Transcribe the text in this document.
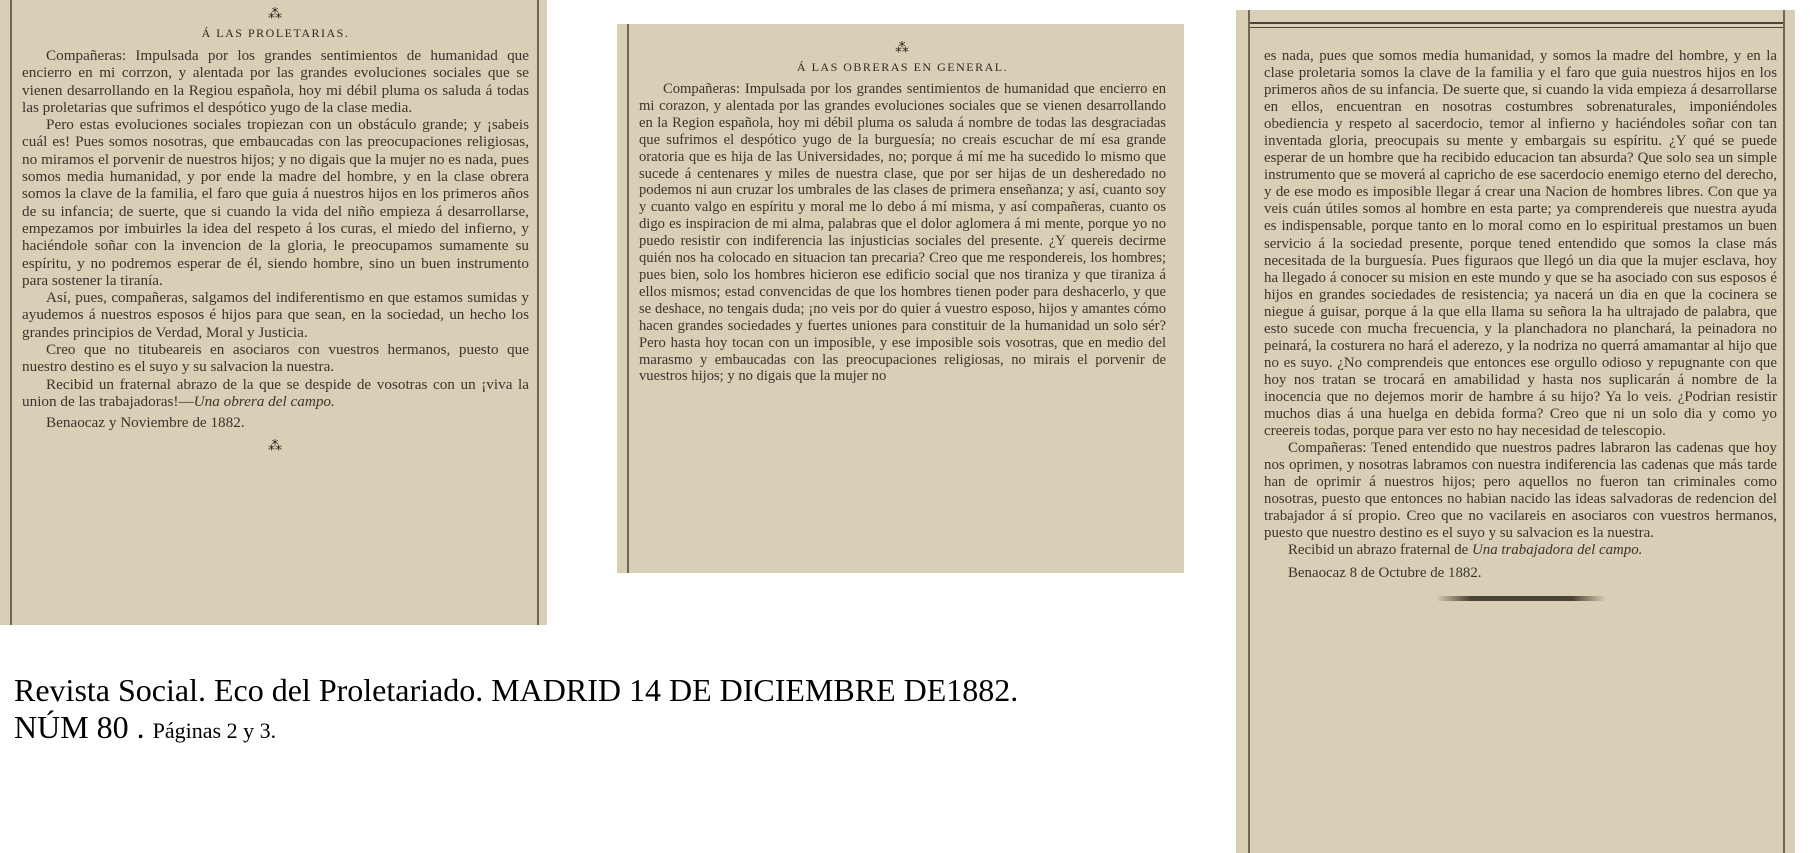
⁂
Á LAS PROLETARIAS.

Compañeras: Impulsada por los grandes sentimientos de humanidad que encierro en mi corrzon, y alentada por las grandes evoluciones sociales que se vienen desarrollando en la Regiou española, hoy mi débil pluma os saluda á todas las proletarias que sufrimos el despótico yugo de la clase media.

Pero estas evoluciones sociales tropiezan con un obstáculo grande; y ¡sabeis cuál es! Pues somos nosotras, que embaucadas con las preocupaciones religiosas, no miramos el porvenir de nuestros hijos; y no digais que la mujer no es nada, pues somos media humanidad, y por ende la madre del hombre, y en la clase obrera somos la clave de la familia, el faro que guia á nuestros hijos en los primeros años de su infancia; de suerte, que si cuando la vida del niño empieza á desarrollarse, empezamos por imbuirles la idea del respeto á los curas, el miedo del infierno, y haciéndole soñar con la invencion de la gloria, le preocupamos sumamente su espíritu, y no podremos esperar de él, siendo hombre, sino un buen instrumento para sostener la tiranía.

Así, pues, compañeras, salgamos del indiferentismo en que estamos sumidas y ayudemos á nuestros esposos é hijos para que sean, en la sociedad, un hecho los grandes principios de Verdad, Moral y Justicia.

Creo que no titubeareis en asociaros con vuestros hermanos, puesto que nuestro destino es el suyo y su salvacion la nuestra.

Recibid un fraternal abrazo de la que se despide de vosotras con un ¡viva la union de las trabajadoras!—Una obrera del campo.

Benaocaz y Noviembre de 1882.

⁂
⁂
Á LAS OBRERAS EN GENERAL.

Compañeras: Impulsada por los grandes sentimientos de humanidad que encierro en mi corazon, y alentada por las grandes evoluciones sociales que se vienen desarrollando en la Region española, hoy mi débil pluma os saluda á nombre de todas las desgraciadas que sufrimos el despótico yugo de la burguesía; no creais escuchar de mí esa grande oratoria que es hija de las Universidades, no; porque á mí me ha sucedido lo mismo que sucede á centenares y miles de nuestra clase, que por ser hijas de un desheredado no podemos ni aun cruzar los umbrales de las clases de primera enseñanza; y así, cuanto soy y cuanto valgo en espíritu y moral me lo debo á mí misma, y así compañeras, cuanto os digo es inspiracion de mi alma, palabras que el dolor aglomera á mi mente, porque yo no puedo resistir con indiferencia las injusticias sociales del presente. ¿Y quereis decirme quién nos ha colocado en situacion tan precaria? Creo que me respondereis, los hombres; pues bien, solo los hombres hicieron ese edificio social que nos tiraniza y que tiraniza á ellos mismos; estad convencidas de que los hombres tienen poder para deshacerlo, y que se deshace, no tengais duda; ¡no veis por do quier á vuestro esposo, hijos y amantes cómo hacen grandes sociedades y fuertes uniones para constituir de la humanidad un solo sér? Pero hasta hoy tocan con un imposible, y ese imposible sois vosotras, que en medio del marasmo y embaucadas con las preocupaciones religiosas, no mirais el porvenir de vuestros hijos; y no digais que la mujer no

es nada, pues que somos media humanidad, y somos la madre del hombre, y en la clase proletaria somos la clave de la familia y el faro que guia nuestros hijos en los primeros años de su infancia. De suerte que, si cuando la vida empieza á desarrollarse en ellos, encuentran en nosotras costumbres sobrenaturales, imponiéndoles obediencia y respeto al sacerdocio, temor al infierno y haciéndoles soñar con tan inventada gloria, preocupais su mente y embargais su espíritu. ¿Y qué se puede esperar de un hombre que ha recibido educacion tan absurda? Que solo sea un simple instrumento que se moverá al capricho de ese sacerdocio enemigo eterno del derecho, y de ese modo es imposible llegar á crear una Nacion de hombres libres. Con que ya veis cuán útiles somos al hombre en esta parte; ya comprendereis que nuestra ayuda es indispensable, porque tanto en lo moral como en lo espiritual prestamos un buen servicio á la sociedad presente, porque tened entendido que somos la clase más necesitada de la burguesía. Pues figuraos que llegó un dia que la mujer esclava, hoy ha llegado á conocer su mision en este mundo y que se ha asociado con sus esposos é hijos en grandes sociedades de resistencia; ya nacerá un dia en que la cocinera se niegue á guisar, porque á la que ella llama su señora la ha ultrajado de palabra, que esto sucede con mucha frecuencia, y la planchadora no planchará, la peinadora no peinará, la costurera no hará el aderezo, y la nodriza no querrá amamantar al hijo que no es suyo. ¿No comprendeis que entonces ese orgullo odioso y repugnante con que hoy nos tratan se trocará en amabilidad y hasta nos suplicarán á nombre de la inocencia que no dejemos morir de hambre á su hijo? Ya lo veis. ¿Podrian resistir muchos dias á una huelga en debida forma? Creo que ni un solo dia y como yo creereis todas, porque para ver esto no hay necesidad de telescopio.

Compañeras: Tened entendido que nuestros padres labraron las cadenas que hoy nos oprimen, y nosotras labramos con nuestra indiferencia las cadenas que más tarde han de oprimir á nuestros hijos; pero aquellos no fueron tan criminales como nosotras, puesto que entonces no habian nacido las ideas salvadoras de redencion del trabajador á sí propio. Creo que no vacilareis en asociaros con vuestros hermanos, puesto que nuestro destino es el suyo y su salvacion es la nuestra.

Recibid un abrazo fraternal de Una trabajadora del campo.

Benaocaz 8 de Octubre de 1882.

Revista Social. Eco del Proletariado. MADRID 14 DE DICIEMBRE DE1882.
NÚM 80 . Páginas 2 y 3.
